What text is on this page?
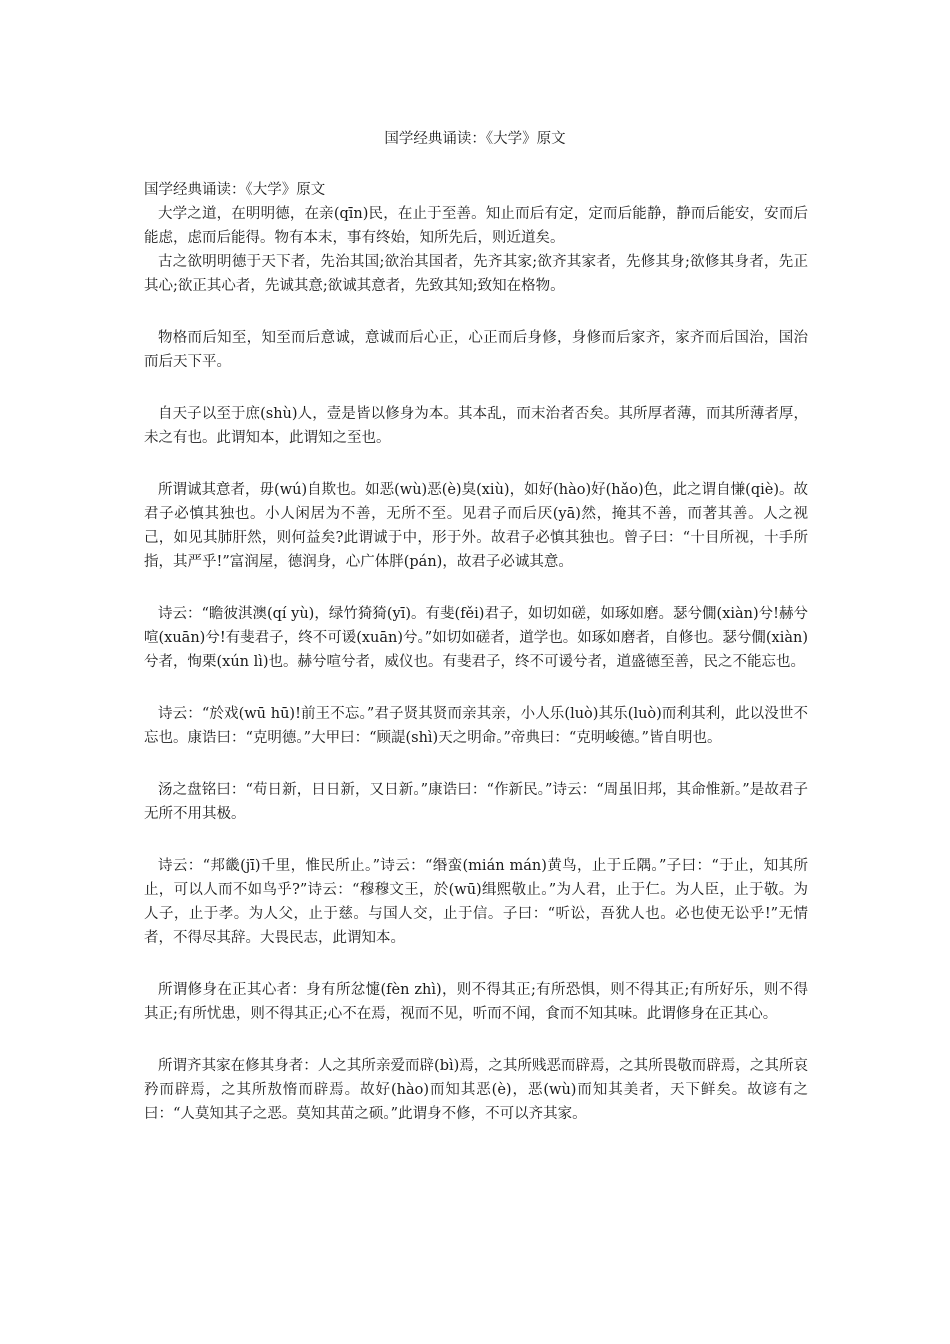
国学经典诵读：《大学》原文

国学经典诵读：《大学》原文

大学之道，在明明德，在亲(qīn)民，在止于至善。知止而后有定，定而后能静，静而后能安，安而后能虑，虑而后能得。物有本末，事有终始，知所先后，则近道矣。

古之欲明明德于天下者，先治其国;欲治其国者，先齐其家;欲齐其家者，先修其身;欲修其身者，先正其心;欲正其心者，先诚其意;欲诚其意者，先致其知;致知在格物。

物格而后知至，知至而后意诚，意诚而后心正，心正而后身修，身修而后家齐，家齐而后国治，国治而后天下平。

自天子以至于庶(shù)人，壹是皆以修身为本。其本乱，而末治者否矣。其所厚者薄，而其所薄者厚，未之有也。此谓知本，此谓知之至也。

所谓诚其意者，毋(wú)自欺也。如恶(wù)恶(è)臭(xiù)，如好(hào)好(hǎo)色，此之谓自慊(qiè)。故君子必慎其独也。小人闲居为不善，无所不至。见君子而后厌(yā)然，掩其不善，而著其善。人之视己，如见其肺肝然，则何益矣?此谓诚于中，形于外。故君子必慎其独也。曾子曰：“十目所视，十手所指，其严乎!”富润屋，德润身，心广体胖(pán)，故君子必诚其意。

诗云：“瞻彼淇澳(qí yù)，绿竹猗猗(yī)。有斐(fěi)君子，如切如磋，如琢如磨。瑟兮僩(xiàn)兮!赫兮喧(xuān)兮!有斐君子，终不可谖(xuān)兮。”如切如磋者，道学也。如琢如磨者，自修也。瑟兮僩(xiàn)兮者，恂栗(xún lì)也。赫兮喧兮者，威仪也。有斐君子，终不可谖兮者，道盛德至善，民之不能忘也。

诗云：“於戏(wū hū)!前王不忘。”君子贤其贤而亲其亲，小人乐(luò)其乐(luò)而利其利，此以没世不忘也。康诰曰：“克明德。”大甲曰：“顾諟(shì)天之明命。”帝典曰：“克明峻德。”皆自明也。

汤之盘铭曰：“苟日新，日日新，又日新。”康诰曰：“作新民。”诗云：“周虽旧邦，其命惟新。”是故君子无所不用其极。

诗云：“邦畿(jī)千里，惟民所止。”诗云：“缗蛮(mián mán)黄鸟，止于丘隅。”子曰：“于止，知其所止，可以人而不如鸟乎?”诗云：“穆穆文王，於(wū)缉熙敬止。”为人君，止于仁。为人臣，止于敬。为人子，止于孝。为人父，止于慈。与国人交，止于信。子曰：“听讼，吾犹人也。必也使无讼乎!”无情者，不得尽其辞。大畏民志，此谓知本。

所谓修身在正其心者：身有所忿懥(fèn zhì)，则不得其正;有所恐惧，则不得其正;有所好乐，则不得其正;有所忧患，则不得其正;心不在焉，视而不见，听而不闻，食而不知其味。此谓修身在正其心。

所谓齐其家在修其身者：人之其所亲爱而辟(bì)焉，之其所贱恶而辟焉，之其所畏敬而辟焉，之其所哀矜而辟焉，之其所敖惰而辟焉。故好(hào)而知其恶(è)，恶(wù)而知其美者，天下鲜矣。故谚有之曰：“人莫知其子之恶。莫知其苗之硕。”此谓身不修，不可以齐其家。
